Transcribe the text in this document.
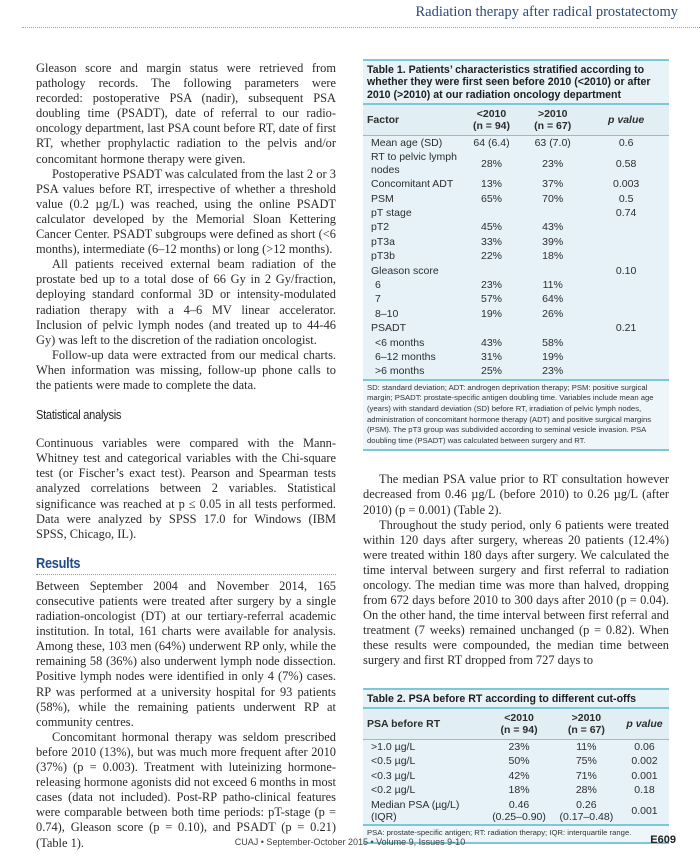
Radiation therapy after radical prostatectomy

Gleason score and margin status were retrieved from pathology records. The following parameters were recorded: postoperative PSA (nadir), subsequent PSA doubling time (PSADT), date of referral to our radio-oncology department, last PSA count before RT, date of first RT, whether prophylactic radiation to the pelvis and/or concomitant hormone therapy were given.

Postoperative PSADT was calculated from the last 2 or 3 PSA values before RT, irrespective of whether a threshold value (0.2 µg/L) was reached, using the online PSADT calculator developed by the Memorial Sloan Kettering Cancer Center. PSADT subgroups were defined as short (<6 months), intermediate (6–12 months) or long (>12 months).

All patients received external beam radiation of the prostate bed up to a total dose of 66 Gy in 2 Gy/fraction, deploying standard conformal 3D or intensity-modulated radiation therapy with a 4–6 MV linear accelerator. Inclusion of pelvic lymph nodes (and treated up to 44-46 Gy) was left to the discretion of the radiation oncologist.

Follow-up data were extracted from our medical charts. When information was missing, follow-up phone calls to the patients were made to complete the data.

Statistical analysis

Continuous variables were compared with the Mann-Whitney test and categorical variables with the Chi-square test (or Fischer’s exact test). Pearson and Spearman tests analyzed correlations between 2 variables. Statistical significance was reached at p ≤ 0.05 in all tests performed. Data were analyzed by SPSS 17.0 for Windows (IBM SPSS, Chicago, IL).

Results

Between September 2004 and November 2014, 165 consecutive patients were treated after surgery by a single radiation-oncologist (DT) at our tertiary-referral academic institution. In total, 161 charts were available for analysis. Among these, 103 men (64%) underwent RP only, while the remaining 58 (36%) also underwent lymph node dissection. Positive lymph nodes were identified in only 4 (7%) cases. RP was performed at a university hospital for 93 patients (58%), while the remaining patients underwent RP at community centres.

Concomitant hormonal therapy was seldom prescribed before 2010 (13%), but was much more frequent after 2010 (37%) (p = 0.003). Treatment with luteinizing hormone-releasing hormone agonists did not exceed 6 months in most cases (data not included). Post-RP patho-clinical features were comparable between both time periods: pT-stage (p = 0.74), Gleason score (p = 0.10), and PSADT (p = 0.21) (Table 1).

Table 1. Patients’ characteristics stratified according to whether they were first seen before 2010 (<2010) or after 2010 (>2010) at our radiation oncology department
Factor	<2010
(n = 94)	>2010
(n = 67)	p value
Mean age (SD)	64 (6.4)	63 (7.0)	0.6
RT to pelvic lymph nodes	28%	23%	0.58
Concomitant ADT	13%	37%	0.003
PSM	65%	70%	0.5
pT stage			0.74
pT2	45%	43%	
pT3a	33%	39%	
pT3b	22%	18%	
Gleason score			0.10
6	23%	11%	
7	57%	64%	
8–10	19%	26%	
PSADT			0.21
<6 months	43%	58%	
6–12 months	31%	19%	
>6 months	25%	23%	
SD: standard deviation; ADT: androgen deprivation therapy; PSM: positive surgical margin; PSADT: prostate-specific antigen doubling time. Variables include mean age (years) with standard deviation (SD) before RT, irradiation of pelvic lymph nodes, administration of concomitant hormone therapy (ADT) and positive surgical margins (PSM). The pT3 group was subdivided according to seminal vesicle invasion. PSA doubling time (PSADT) was calculated between surgery and RT.

The median PSA value prior to RT consultation however decreased from 0.46 µg/L (before 2010) to 0.26 µg/L (after 2010) (p = 0.001) (Table 2).

Throughout the study period, only 6 patients were treated within 120 days after surgery, whereas 20 patients (12.4%) were treated within 180 days after surgery. We calculated the time interval between surgery and first referral to radiation oncology. The median time was more than halved, dropping from 672 days before 2010 to 300 days after 2010 (p = 0.04). On the other hand, the time interval between first referral and treatment (7 weeks) remained unchanged (p = 0.82). When these results were compounded, the median time between surgery and first RT dropped from 727 days to

Table 2. PSA before RT according to different cut-offs
PSA before RT	<2010
(n = 94)	>2010
(n = 67)	p value
>1.0 µg/L	23%	11%	0.06
<0.5 µg/L	50%	75%	0.002
<0.3 µg/L	42%	71%	0.001
<0.2 µg/L	18%	28%	0.18
Median PSA (µg/L) (IQR)	0.46
(0.25–0.90)	0.26
(0.17–0.48)	0.001
PSA: prostate-specific antigen; RT: radiation therapy; IQR: interquartile range.
CUAJ • September-October 2015 • Volume 9, Issues 9-10	E609
